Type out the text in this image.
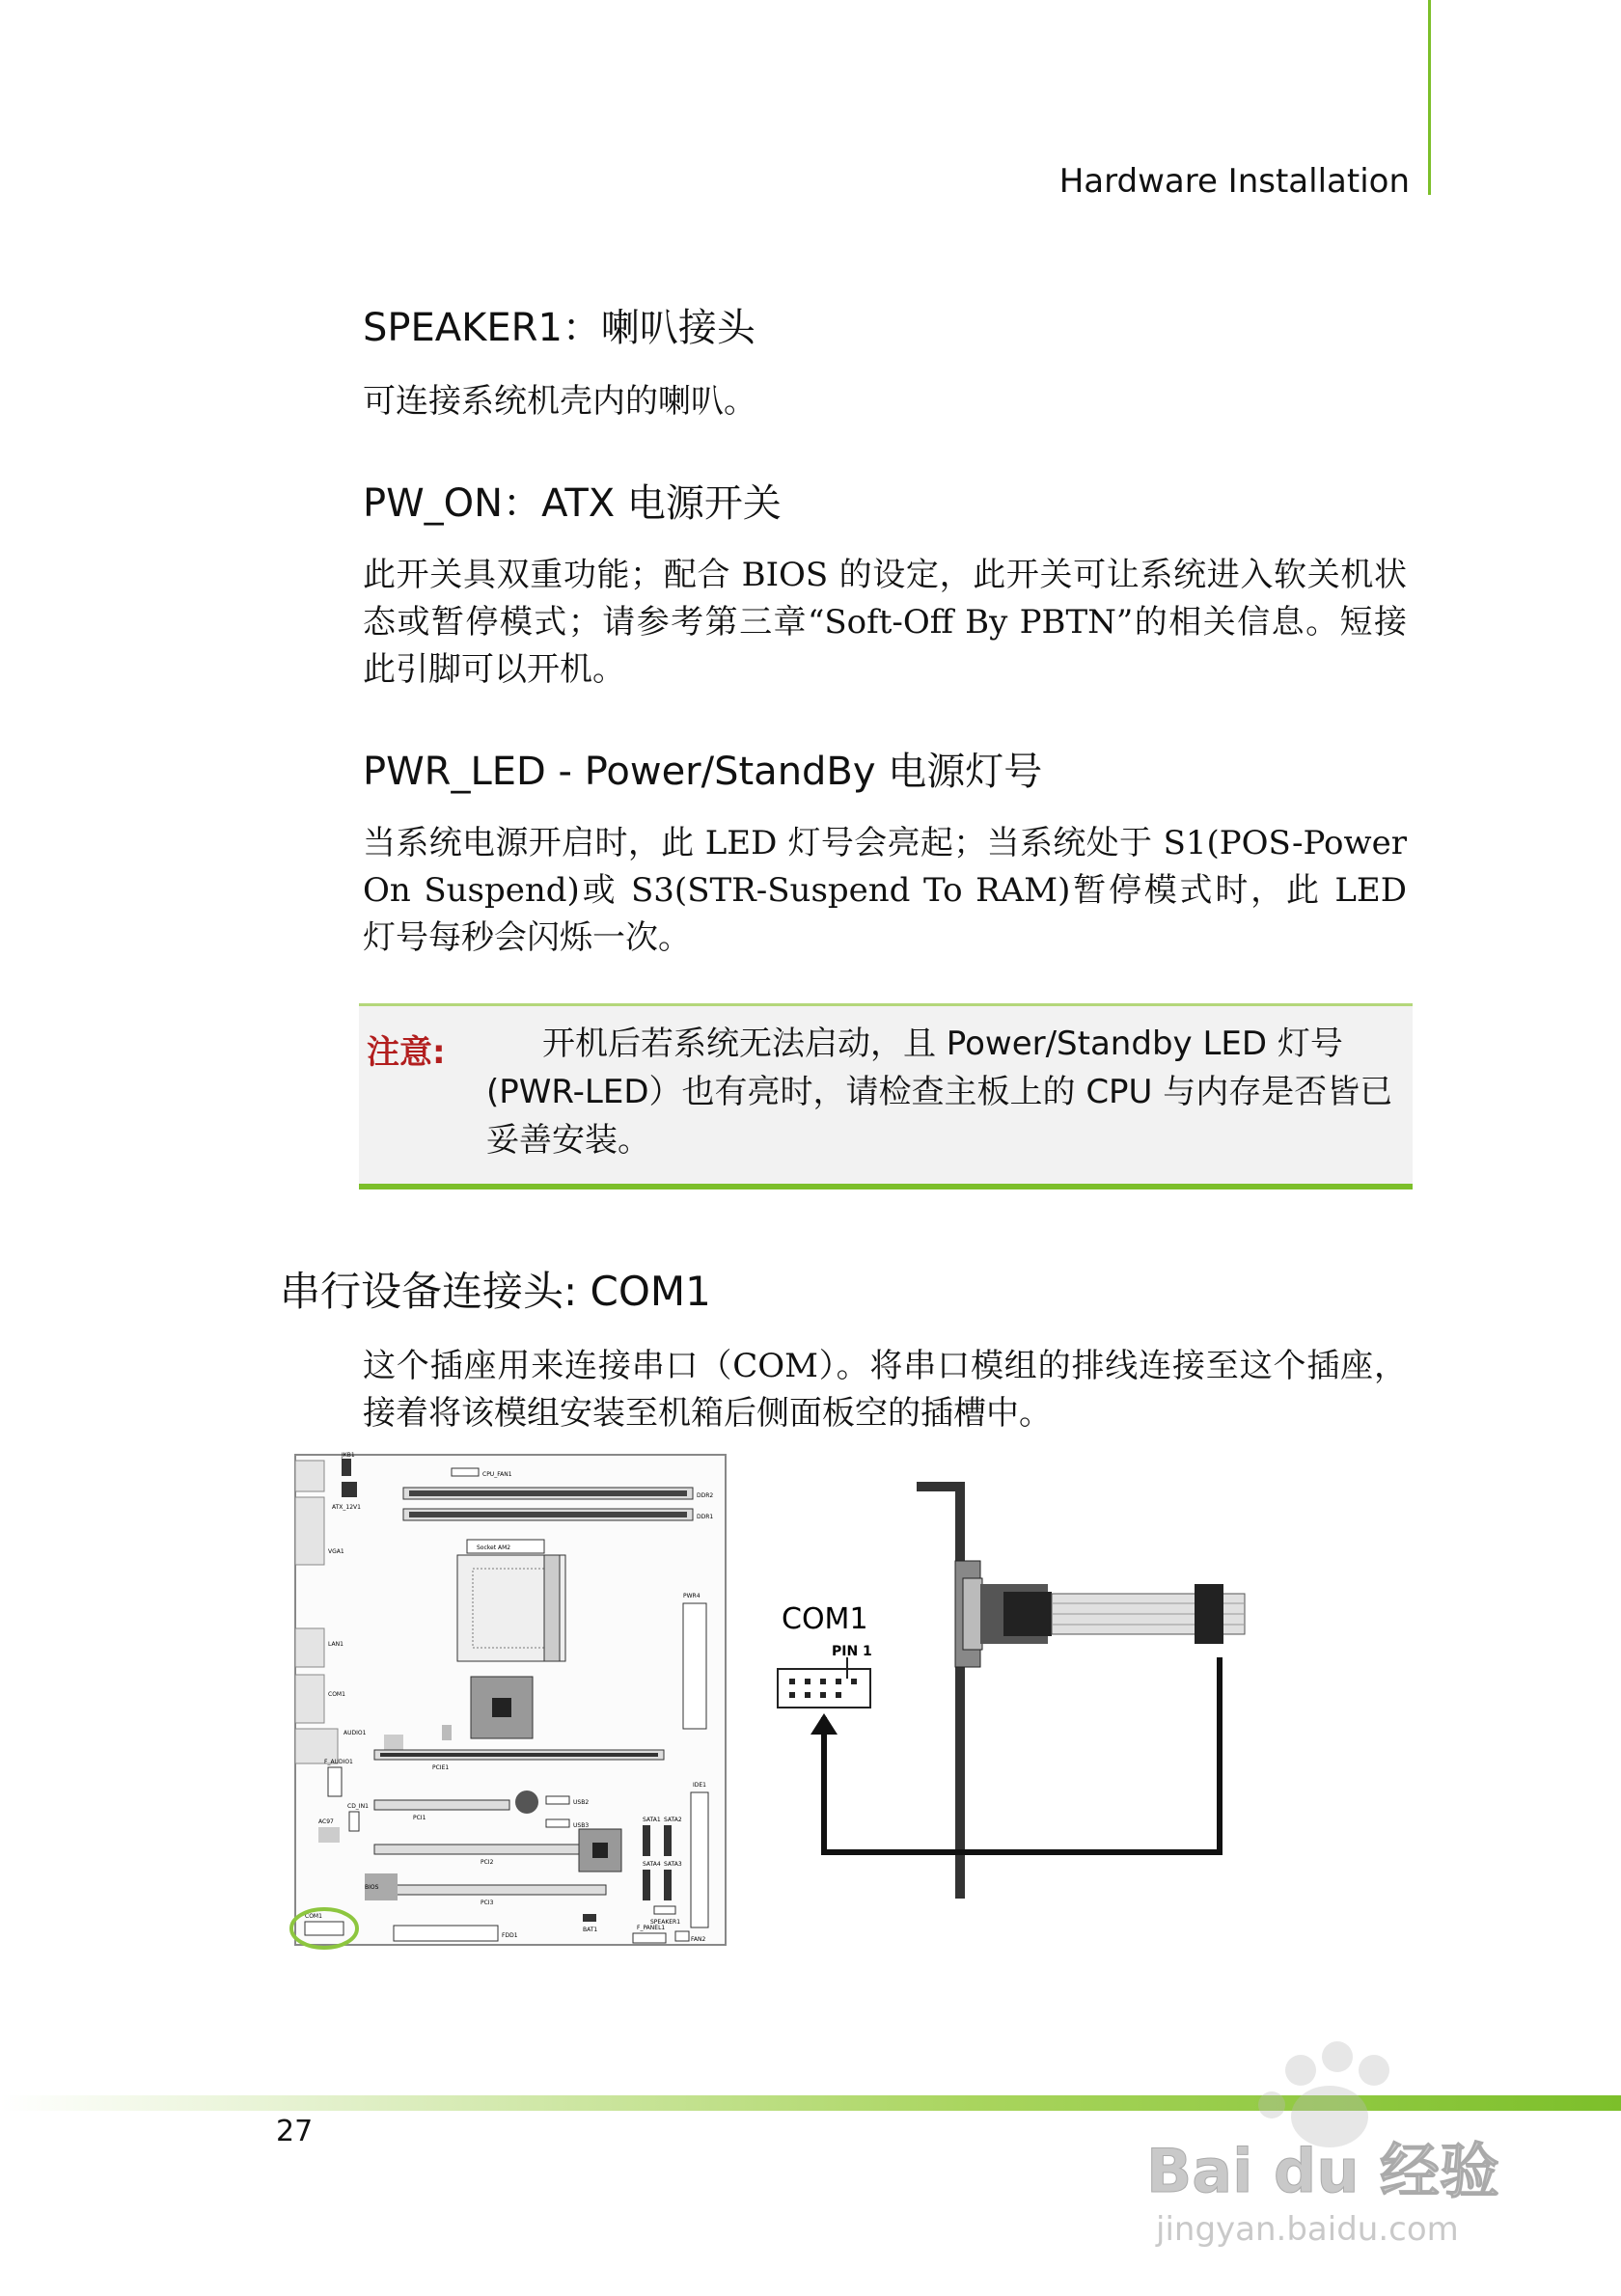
Hardware Installation
SPEAKER1：喇叭接头
可连接系统机壳内的喇叭。
PW_ON：ATX 电源开关
此开关具双重功能；配合 BIOS 的设定，此开关可让系统进入软关机状态或暂停模式；请参考第三章“Soft-Off By PBTN”的相关信息。短接此引脚可以开机。
PWR_LED - Power/StandBy 电源灯号
当系统电源开启时，此 LED 灯号会亮起；当系统处于 S1(POS-Power On Suspend)或 S3(STR-Suspend To RAM)暂停模式时，此 LED 灯号每秒会闪烁一次。
注意:	开机后若系统无法启动，且 Power/Standby LED 灯号(PWR-LED）也有亮时，请检查主板上的 CPU 与内存是否皆已妥善安装。
串行设备连接头: COM1
这个插座用来连接串口（COM）。将串口模组的排线连接至这个插座，接着将该模组安装至机箱后侧面板空的插槽中。
JKB1
ATX_12V1
VGA1
LAN1
COM1
AUDIO1
CPU_FAN1
DDR2
DDR1
Socket AM2
PWR4
PCIE1
F_AUDIO1
CD_IN1
AC97
PCI1
USB2
USB3
PCI2
PCI3
BIOS
SATA1 SATA2
SATA4 SATA3
IDE1
SPEAKER1
F_PANEL1
FAN2
BAT1
FDD1
COM1
COM1
PIN 1
27
Bai du 经验
jingyan.baidu.com
